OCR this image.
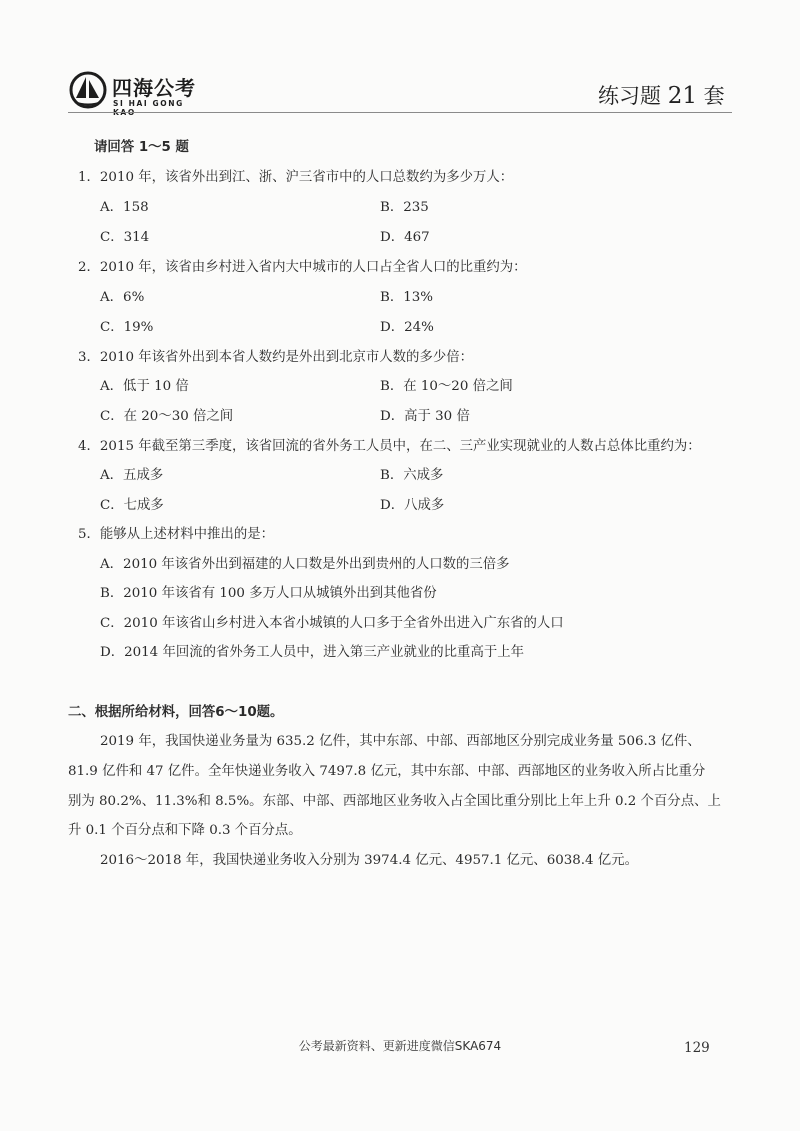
四海公考
SI HAI GONG KAO
练习题 21 套
请回答 1～5 题
1．2010 年，该省外出到江、浙、沪三省市中的人口总数约为多少万人：
A．158	B．235
C．314	D．467
2．2010 年，该省由乡村进入省内大中城市的人口占全省人口的比重约为：
A．6%	B．13%
C．19%	D．24%
3．2010 年该省外出到本省人数约是外出到北京市人数的多少倍：
A．低于 10 倍	B．在 10～20 倍之间
C．在 20～30 倍之间	D．高于 30 倍
4．2015 年截至第三季度，该省回流的省外务工人员中，在二、三产业实现就业的人数占总体比重约为：
A．五成多	B．六成多
C．七成多	D．八成多
5．能够从上述材料中推出的是：
A．2010 年该省外出到福建的人口数是外出到贵州的人口数的三倍多
B．2010 年该省有 100 多万人口从城镇外出到其他省份
C．2010 年该省山乡村进入本省小城镇的人口多于全省外出进入广东省的人口
D．2014 年回流的省外务工人员中，进入第三产业就业的比重高于上年
二、根据所给材料，回答6～10题。
2019 年，我国快递业务量为 635.2 亿件，其中东部、中部、西部地区分别完成业务量 506.3 亿件、
81.9 亿件和 47 亿件。全年快递业务收入 7497.8 亿元，其中东部、中部、西部地区的业务收入所占比重分
别为 80.2%、11.3%和 8.5%。东部、中部、西部地区业务收入占全国比重分别比上年上升 0.2 个百分点、上
升 0.1 个百分点和下降 0.3 个百分点。
2016～2018 年，我国快递业务收入分别为 3974.4 亿元、4957.1 亿元、6038.4 亿元。
公考最新资料、更新进度微信SKA674	129
